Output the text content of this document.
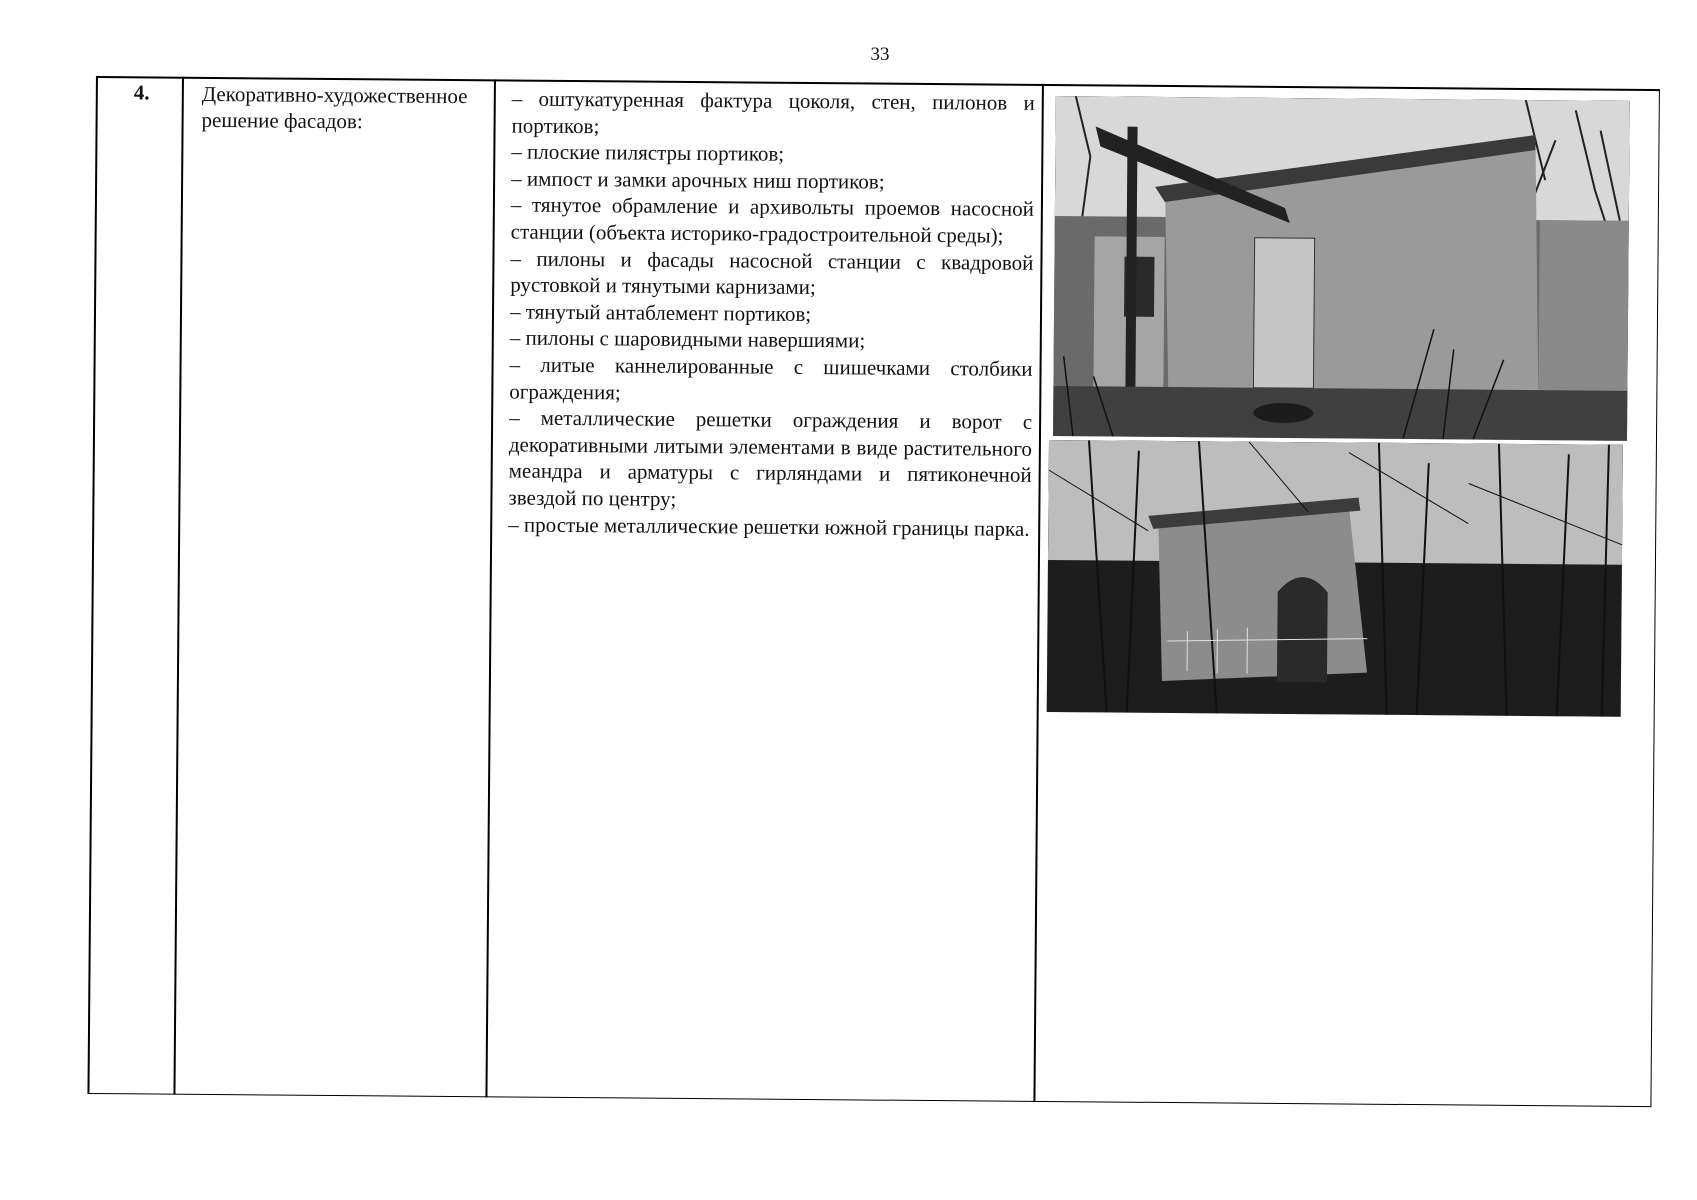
33
4. Декоративно-художественное решение фасадов:
– оштукатуренная фактура цоколя, стен, пилонов и портиков;
– плоские пилястры портиков;
– импост и замки арочных ниш портиков;
– тянутое обрамление и архивольты проемов насосной станции (объекта историко-градостроительной среды);
– пилоны и фасады насосной станции с квадровой рустовкой и тянутыми карнизами;
– тянутый антаблемент портиков;
– пилоны с шаровидными навершиями;
– литые каннелированные с шишечками столбики ограждения;
– металлические решетки ограждения и ворот с декоративными литыми элементами в виде растительного меандра и арматуры с гирляндами и пятиконечной звездой по центру;
– простые металлические решетки южной границы парка.
